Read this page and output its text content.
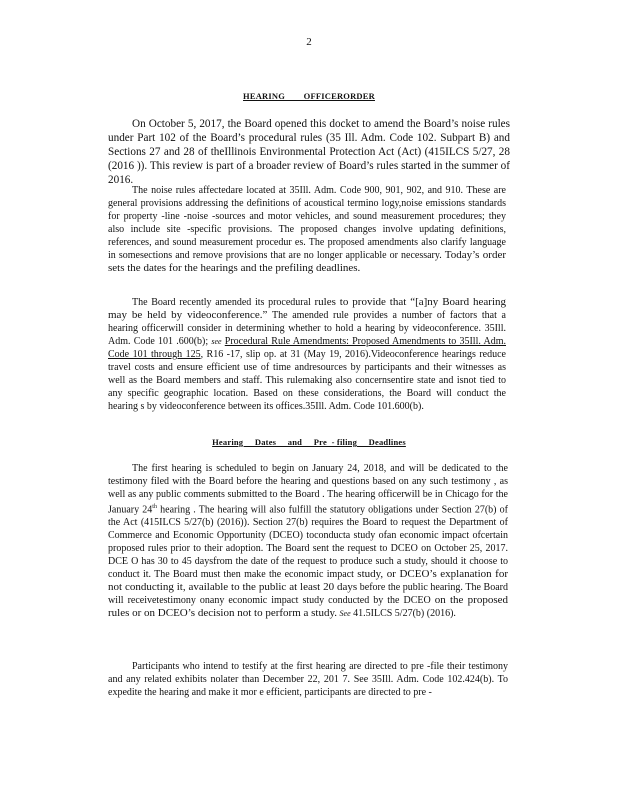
2
HEARING        OFFICERORDER

On October 5, 2017, the Board opened this docket to amend the Board’s noise rules under Part 102 of the Board’s procedural rules (35 Ill. Adm. Code 102. Subpart B) and Sections 27 and 28 of theIllinois Environmental Protection Act (Act) (415ILCS 5/27, 28 (2016 )). This review is part of a broader review of Board’s rules started in the summer of 2016.

The noise rules affectedare located at 35Ill. Adm. Code 900, 901, 902, and 910. These are general provisions addressing the definitions of acoustical termino logy,noise emissions standards for property -line -noise -sources and motor vehicles, and sound measurement procedures; they also include site -specific provisions. The proposed changes involve updating definitions, references, and sound measurement procedur es. The proposed amendments also clarify language in somesections and remove provisions that are no longer applicable or necessary. Today’s order sets the dates for the hearings and the prefiling deadlines.

The Board recently amended its procedural rules to provide that “[a]ny Board hearing may be held by videoconference.” The amended rule provides a number of factors that a hearing officerwill consider in determining whether to hold a hearing by videoconference. 35Ill. Adm. Code 101 .600(b); see Procedural Rule Amendments: Proposed Amendments to 35Ill. Adm. Code 101 through 125, R16 -17, slip op. at 31 (May 19, 2016).Videoconference hearings reduce travel costs and ensure efficient use of time andresources by participants and their witnesses as well as the Board members and staff. This rulemaking also concernsentire state and isnot tied to any specific geographic location. Based on these considerations, the Board will conduct the hearing s by videoconference between its offices.35Ill. Adm. Code 101.600(b).

Hearing     Dates     and     Pre  - filing     Deadlines

The first hearing is scheduled to begin on January 24, 2018, and will be dedicated to the testimony filed with the Board before the hearing and questions based on any such testimony , as well as any public comments submitted to the Board . The hearing officerwill be in Chicago for the January 24th hearing . The hearing will also fulfill the statutory obligations under Section 27(b) of the Act (415ILCS 5/27(b) (2016)). Section 27(b) requires the Board to request the Department of Commerce and Economic Opportunity (DCEO) toconducta study ofan economic impact ofcertain proposed rules prior to their adoption. The Board sent the request to DCEO on October 25, 2017. DCE O has 30 to 45 daysfrom the date of the request to produce such a study, should it choose to conduct it. The Board must then make the economic impact study, or DCEO’s explanation for not conducting it, available to the public at least 20 days before the public hearing. The Board will receivetestimony onany economic impact study conducted by the DCEO on the proposed rules or on DCEO’s decision not to perform a study. See 41.5ILCS 5/27(b) (2016).

Participants who intend to testify at the first hearing are directed to pre -file their testimony and any related exhibits nolater than December 22, 201 7. See 35Ill. Adm. Code 102.424(b). To expedite the hearing and make it mor e efficient, participants are directed to pre -
